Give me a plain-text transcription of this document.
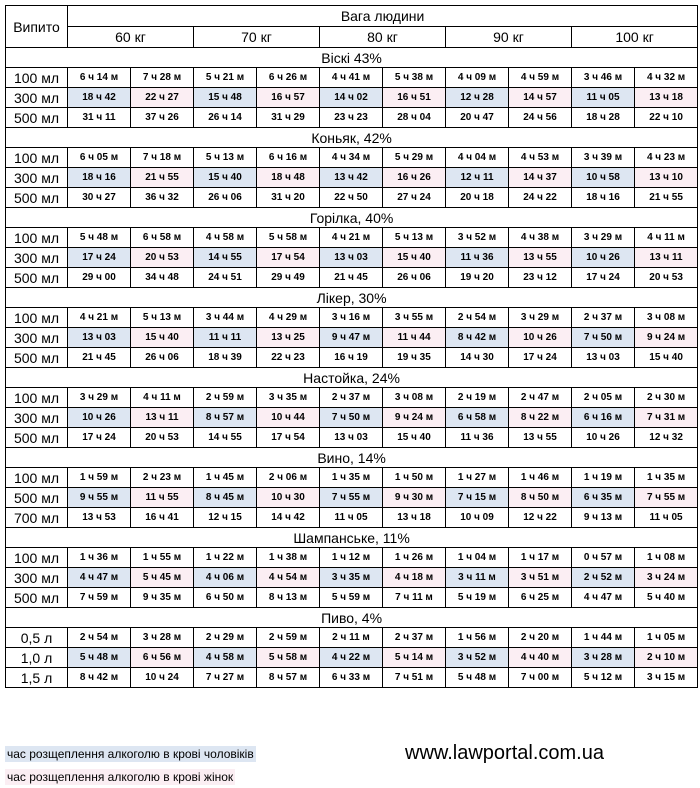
Випито	Вага людини									
	60 кг		70 кг		80 кг		90 кг		100 кг	
Віскі 43%										
100 мл	6 ч 14 м	7 ч 28 м	5 ч 21 м	6 ч 26 м	4 ч 41 м	5 ч 38 м	4 ч 09 м	4 ч 59 м	3 ч 46 м	4 ч 32 м
300 мл	18 ч 42	22 ч 27	15 ч 48	16 ч 57	14 ч 02	16 ч 51	12 ч 28	14 ч 57	11 ч 05	13 ч 18
500 мл	31 ч 11	37 ч 26	26 ч 14	31 ч 29	23 ч 23	28 ч 04	20 ч 47	24 ч 56	18 ч 28	22 ч 10
Коньяк, 42%										
100 мл	6 ч 05 м	7 ч 18 м	5 ч 13 м	6 ч 16 м	4 ч 34 м	5 ч 29 м	4 ч 04 м	4 ч 53 м	3 ч 39 м	4 ч 23 м
300 мл	18 ч 16	21 ч 55	15 ч 40	18 ч 48	13 ч 42	16 ч 26	12 ч 11	14 ч 37	10 ч 58	13 ч 10
500 мл	30 ч 27	36 ч 32	26 ч 06	31 ч 20	22 ч 50	27 ч 24	20 ч 18	24 ч 22	18 ч 16	21 ч 55
Горілка, 40%										
100 мл	5 ч 48 м	6 ч 58 м	4 ч 58 м	5 ч 58 м	4 ч 21 м	5 ч 13 м	3 ч 52 м	4 ч 38 м	3 ч 29 м	4 ч 11 м
300 мл	17 ч 24	20 ч 53	14 ч 55	17 ч 54	13 ч 03	15 ч 40	11 ч 36	13 ч 55	10 ч 26	13 ч 11
500 мл	29 ч 00	34 ч 48	24 ч 51	29 ч 49	21 ч 45	26 ч 06	19 ч 20	23 ч 12	17 ч 24	20 ч 53
Лікер, 30%										
100 мл	4 ч 21 м	5 ч 13 м	3 ч 44 м	4 ч 29 м	3 ч 16 м	3 ч 55 м	2 ч 54 м	3 ч 29 м	2 ч 37 м	3 ч 08 м
300 мл	13 ч 03	15 ч 40	11 ч 11	13 ч 25	9 ч 47 м	11 ч 44	8 ч 42 м	10 ч 26	7 ч 50 м	9 ч 24 м
500 мл	21 ч 45	26 ч 06	18 ч 39	22 ч 23	16 ч 19	19 ч 35	14 ч 30	17 ч 24	13 ч 03	15 ч 40
Настойка, 24%										
100 мл	3 ч 29 м	4 ч 11 м	2 ч 59 м	3 ч 35 м	2 ч 37 м	3 ч 08 м	2 ч 19 м	2 ч 47 м	2 ч 05 м	2 ч 30 м
300 мл	10 ч 26	13 ч 11	8 ч 57 м	10 ч 44	7 ч 50 м	9 ч 24 м	6 ч 58 м	8 ч 22 м	6 ч 16 м	7 ч 31 м
500 мл	17 ч 24	20 ч 53	14 ч 55	17 ч 54	13 ч 03	15 ч 40	11 ч 36	13 ч 55	10 ч 26	12 ч 32
Вино, 14%										
100 мл	1 ч 59 м	2 ч 23 м	1 ч 45 м	2 ч 06 м	1 ч 35 м	1 ч 50 м	1 ч 27 м	1 ч 46 м	1 ч 19 м	1 ч 35 м
500 мл	9 ч 55 м	11 ч 55	8 ч 45 м	10 ч 30	7 ч 55 м	9 ч 30 м	7 ч 15 м	8 ч 50 м	6 ч 35 м	7 ч 55 м
700 мл	13 ч 53	16 ч 41	12 ч 15	14 ч 42	11 ч 05	13 ч 18	10 ч 09	12 ч 22	9 ч 13 м	11 ч 05
Шампанське, 11%										
100 мл	1 ч 36 м	1 ч 55 м	1 ч 22 м	1 ч 38 м	1 ч 12 м	1 ч 26 м	1 ч 04 м	1 ч 17 м	0 ч 57 м	1 ч 08 м
300 мл	4 ч 47 м	5 ч 45 м	4 ч 06 м	4 ч 54 м	3 ч 35 м	4 ч 18 м	3 ч 11 м	3 ч 51 м	2 ч 52 м	3 ч 24 м
500 мл	7 ч 59 м	9 ч 35 м	6 ч 50 м	8 ч 13 м	5 ч 59 м	7 ч 11 м	5 ч 19 м	6 ч 25 м	4 ч 47 м	5 ч 40 м
Пиво, 4%										
0,5 л	2 ч 54 м	3 ч 28 м	2 ч 29 м	2 ч 59 м	2 ч 11 м	2 ч 37 м	1 ч 56 м	2 ч 20 м	1 ч 44 м	1 ч 05 м
1,0 л	5 ч 48 м	6 ч 56 м	4 ч 58 м	5 ч 58 м	4 ч 22 м	5 ч 14 м	3 ч 52 м	4 ч 40 м	3 ч 28 м	2 ч 10 м
1,5 л	8 ч 42 м	10 ч 24	7 ч 27 м	8 ч 57 м	6 ч 33 м	7 ч 51 м	5 ч 48 м	7 ч 00 м	5 ч 12 м	3 ч 15 м
час розщеплення алкоголю в крові чоловіків
час розщеплення алкоголю в крові жінок
www.lawportal.com.ua
